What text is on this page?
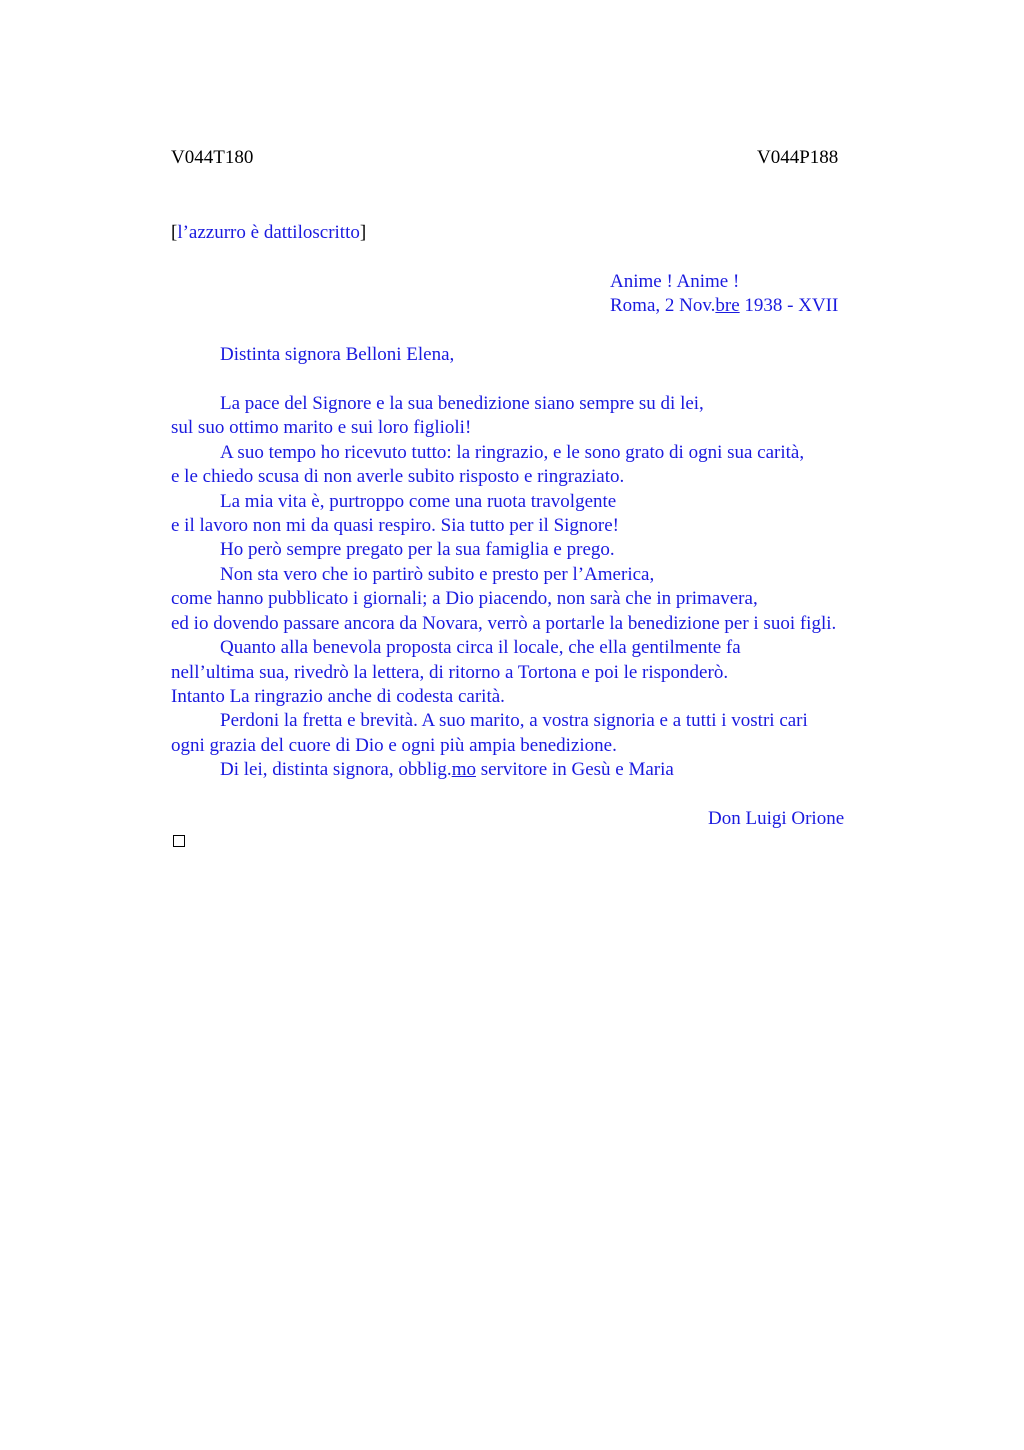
V044T180	V044P188
[l’azzurro è dattiloscritto]
Anime ! Anime !
Roma, 2 Nov.bre 1938 - XVII
Distinta signora Belloni Elena,
La pace del Signore e la sua benedizione siano sempre su di lei,
sul suo ottimo marito e sui loro figlioli!
A suo tempo ho ricevuto tutto: la ringrazio, e le sono grato di ogni sua carità,
e le chiedo scusa di non averle subito risposto e ringraziato.
La mia vita è, purtroppo come una ruota travolgente
e il lavoro non mi da quasi respiro. Sia tutto per il Signore!
Ho però sempre pregato per la sua famiglia e prego.
Non sta vero che io partirò subito e presto per l’America,
come hanno pubblicato i giornali; a Dio piacendo, non sarà che in primavera,
ed io dovendo passare ancora da Novara, verrò a portarle la benedizione per i suoi figli.
Quanto alla benevola proposta circa il locale, che ella gentilmente fa
nell’ultima sua, rivedrò la lettera, di ritorno a Tortona e poi le risponderò.
Intanto La ringrazio anche di codesta carità.
Perdoni la fretta e brevità. A suo marito, a vostra signoria e a tutti i vostri cari
ogni grazia del cuore di Dio e ogni più ampia benedizione.
Di lei, distinta signora, obblig.mo servitore in Gesù e Maria
Don Luigi Orione
